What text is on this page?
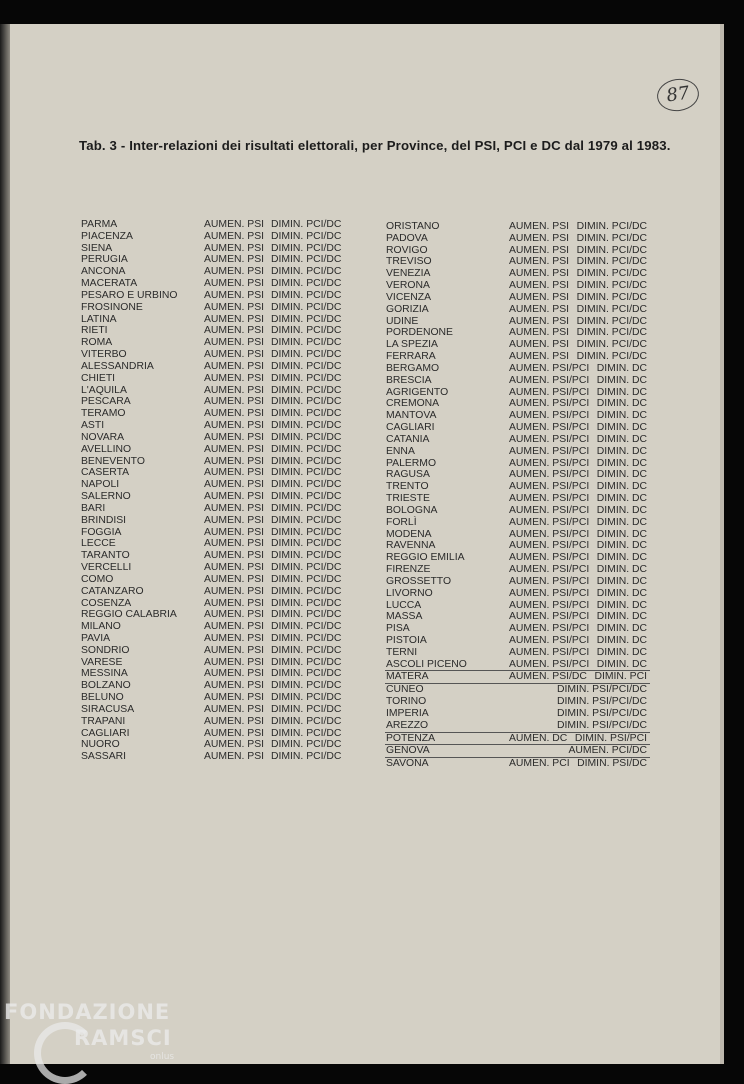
87
Tab. 3 - Inter-relazioni dei risultati elettorali, per Province, del PSI, PCI e DC dal 1979 al 1983.
PARMA	AUMEN. PSI DIMIN. PCI/DC
PIACENZA	AUMEN. PSI DIMIN. PCI/DC
SIENA	AUMEN. PSI DIMIN. PCI/DC
PERUGIA	AUMEN. PSI DIMIN. PCI/DC
ANCONA	AUMEN. PSI DIMIN. PCI/DC
MACERATA	AUMEN. PSI DIMIN. PCI/DC
PESARO E URBINO	AUMEN. PSI DIMIN. PCI/DC
FROSINONE	AUMEN. PSI DIMIN. PCI/DC
LATINA	AUMEN. PSI DIMIN. PCI/DC
RIETI	AUMEN. PSI DIMIN. PCI/DC
ROMA	AUMEN. PSI DIMIN. PCI/DC
VITERBO	AUMEN. PSI DIMIN. PCI/DC
ALESSANDRIA	AUMEN. PSI DIMIN. PCI/DC
CHIETI	AUMEN. PSI DIMIN. PCI/DC
L'AQUILA	AUMEN. PSI DIMIN. PCI/DC
PESCARA	AUMEN. PSI DIMIN. PCI/DC
TERAMO	AUMEN. PSI DIMIN. PCI/DC
ASTI	AUMEN. PSI DIMIN. PCI/DC
NOVARA	AUMEN. PSI DIMIN. PCI/DC
AVELLINO	AUMEN. PSI DIMIN. PCI/DC
BENEVENTO	AUMEN. PSI DIMIN. PCI/DC
CASERTA	AUMEN. PSI DIMIN. PCI/DC
NAPOLI	AUMEN. PSI DIMIN. PCI/DC
SALERNO	AUMEN. PSI DIMIN. PCI/DC
BARI	AUMEN. PSI DIMIN. PCI/DC
BRINDISI	AUMEN. PSI DIMIN. PCI/DC
FOGGIA	AUMEN. PSI DIMIN. PCI/DC
LECCE	AUMEN. PSI DIMIN. PCI/DC
TARANTO	AUMEN. PSI DIMIN. PCI/DC
VERCELLI	AUMEN. PSI DIMIN. PCI/DC
COMO	AUMEN. PSI DIMIN. PCI/DC
CATANZARO	AUMEN. PSI DIMIN. PCI/DC
COSENZA	AUMEN. PSI DIMIN. PCI/DC
REGGIO CALABRIA	AUMEN. PSI DIMIN. PCI/DC
MILANO	AUMEN. PSI DIMIN. PCI/DC
PAVIA	AUMEN. PSI DIMIN. PCI/DC
SONDRIO	AUMEN. PSI DIMIN. PCI/DC
VARESE	AUMEN. PSI DIMIN. PCI/DC
MESSINA	AUMEN. PSI DIMIN. PCI/DC
BOLZANO	AUMEN. PSI DIMIN. PCI/DC
BELUNO	AUMEN. PSI DIMIN. PCI/DC
SIRACUSA	AUMEN. PSI DIMIN. PCI/DC
TRAPANI	AUMEN. PSI DIMIN. PCI/DC
CAGLIARI	AUMEN. PSI DIMIN. PCI/DC
NUORO	AUMEN. PSI DIMIN. PCI/DC
SASSARI	AUMEN. PSI DIMIN. PCI/DC
ORISTANO	AUMEN. PSI DIMIN. PCI/DC
PADOVA	AUMEN. PSI DIMIN. PCI/DC
ROVIGO	AUMEN. PSI DIMIN. PCI/DC
TREVISO	AUMEN. PSI DIMIN. PCI/DC
VENEZIA	AUMEN. PSI DIMIN. PCI/DC
VERONA	AUMEN. PSI DIMIN. PCI/DC
VICENZA	AUMEN. PSI DIMIN. PCI/DC
GORIZIA	AUMEN. PSI DIMIN. PCI/DC
UDINE	AUMEN. PSI DIMIN. PCI/DC
PORDENONE	AUMEN. PSI DIMIN. PCI/DC
LA SPEZIA	AUMEN. PSI DIMIN. PCI/DC
FERRARA	AUMEN. PSI DIMIN. PCI/DC
BERGAMO	AUMEN. PSI/PCI DIMIN. DC
BRESCIA	AUMEN. PSI/PCI DIMIN. DC
AGRIGENTO	AUMEN. PSI/PCI DIMIN. DC
CREMONA	AUMEN. PSI/PCI DIMIN. DC
MANTOVA	AUMEN. PSI/PCI DIMIN. DC
CAGLIARI	AUMEN. PSI/PCI DIMIN. DC
CATANIA	AUMEN. PSI/PCI DIMIN. DC
ENNA	AUMEN. PSI/PCI DIMIN. DC
PALERMO	AUMEN. PSI/PCI DIMIN. DC
RAGUSA	AUMEN. PSI/PCI DIMIN. DC
TRENTO	AUMEN. PSI/PCI DIMIN. DC
TRIESTE	AUMEN. PSI/PCI DIMIN. DC
BOLOGNA	AUMEN. PSI/PCI DIMIN. DC
FORLÌ	AUMEN. PSI/PCI DIMIN. DC
MODENA	AUMEN. PSI/PCI DIMIN. DC
RAVENNA	AUMEN. PSI/PCI DIMIN. DC
REGGIO EMILIA	AUMEN. PSI/PCI DIMIN. DC
FIRENZE	AUMEN. PSI/PCI DIMIN. DC
GROSSETTO	AUMEN. PSI/PCI DIMIN. DC
LIVORNO	AUMEN. PSI/PCI DIMIN. DC
LUCCA	AUMEN. PSI/PCI DIMIN. DC
MASSA	AUMEN. PSI/PCI DIMIN. DC
PISA	AUMEN. PSI/PCI DIMIN. DC
PISTOIA	AUMEN. PSI/PCI DIMIN. DC
TERNI	AUMEN. PSI/PCI DIMIN. DC
ASCOLI PICENO	AUMEN. PSI/PCI DIMIN. DC
MATERA	AUMEN. PSI/DC DIMIN. PCI
CUNEO	DIMIN. PSI/PCI/DC
TORINO	DIMIN. PSI/PCI/DC
IMPERIA	DIMIN. PSI/PCI/DC
AREZZO	DIMIN. PSI/PCI/DC
POTENZA	AUMEN. DC DIMIN. PSI/PCI
GENOVA	AUMEN. PCI/DC
SAVONA	AUMEN. PCI DIMIN. PSI/DC
FONDAZIONE
RAMSCI
onlus
